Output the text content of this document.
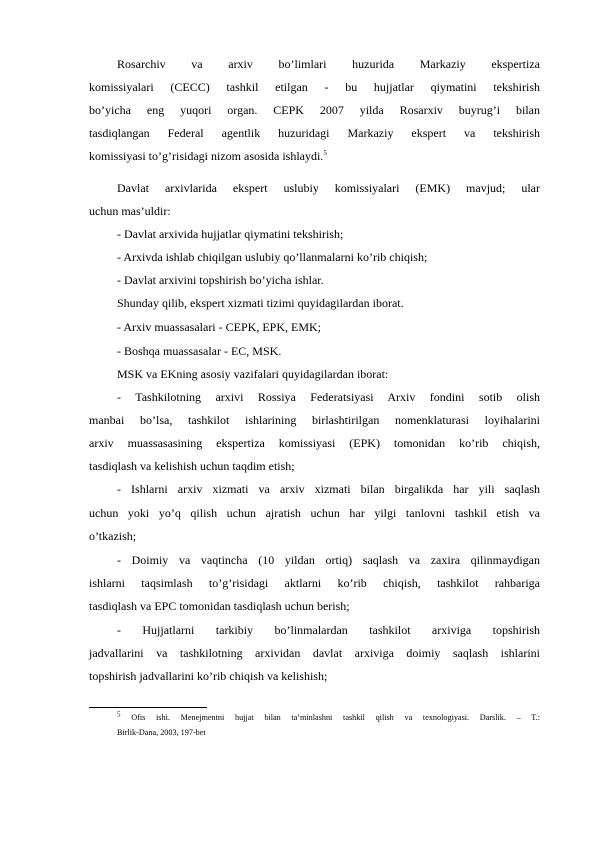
Rosarchiv va arxiv bo’limlari huzurida Markaziy ekspertiza
komissiyalari (CECC) tashkil etilgan - bu hujjatlar qiymatini tekshirish
bo’yicha eng yuqori organ. CEPK 2007 yilda Rosarxiv buyrug’i bilan
tasdiqlangan Federal agentlik huzuridagi Markaziy ekspert va tekshirish
komissiyasi to’g’risidagi nizom asosida ishlaydi.$^5$
Davlat arxivlarida ekspert uslubiy komissiyalari (EMK) mavjud; ular
uchun mas’uldir:
- Davlat arxivida hujjatlar qiymatini tekshirish;
- Arxivda ishlab chiqilgan uslubiy qo’llanmalarni ko’rib chiqish;
- Davlat arxivini topshirish bo’yicha ishlar.
Shunday qilib, ekspert xizmati tizimi quyidagilardan iborat.
- Arxiv muassasalari - CEPK, EPK, EMK;
- Boshqa muassasalar - EC, MSK.
MSK va EKning asosiy vazifalari quyidagilardan iborat:
- Tashkilotning arxivi Rossiya Federatsiyasi Arxiv fondini sotib olish
manbai bo’lsa, tashkilot ishlarining birlashtirilgan nomenklaturasi loyihalarini
arxiv muassasasining ekspertiza komissiyasi (EPK) tomonidan ko’rib chiqish,
tasdiqlash va kelishish uchun taqdim etish;
- Ishlarni arxiv xizmati va arxiv xizmati bilan birgalikda har yili saqlash
uchun yoki yo’q qilish uchun ajratish uchun har yilgi tanlovni tashkil etish va
o’tkazish;
- Doimiy va vaqtincha (10 yildan ortiq) saqlash va zaxira qilinmaydigan
ishlarni taqsimlash to’g’risidagi aktlarni ko’rib chiqish, tashkilot rahbariga
tasdiqlash va EPC tomonidan tasdiqlash uchun berish;
- Hujjatlarni tarkibiy bo’linmalardan tashkilot arxiviga topshirish
jadvallarini va tashkilotning arxividan davlat arxiviga doimiy saqlash ishlarini
topshirish jadvallarini ko’rib chiqish va kelishish;
$^5$ Ofis ishi. Menejmentni hujjat bilan ta’minlashni tashkil qilish va texnologiyasi. Darslik. – T.:
Birlik-Dana, 2003, 197-bet
